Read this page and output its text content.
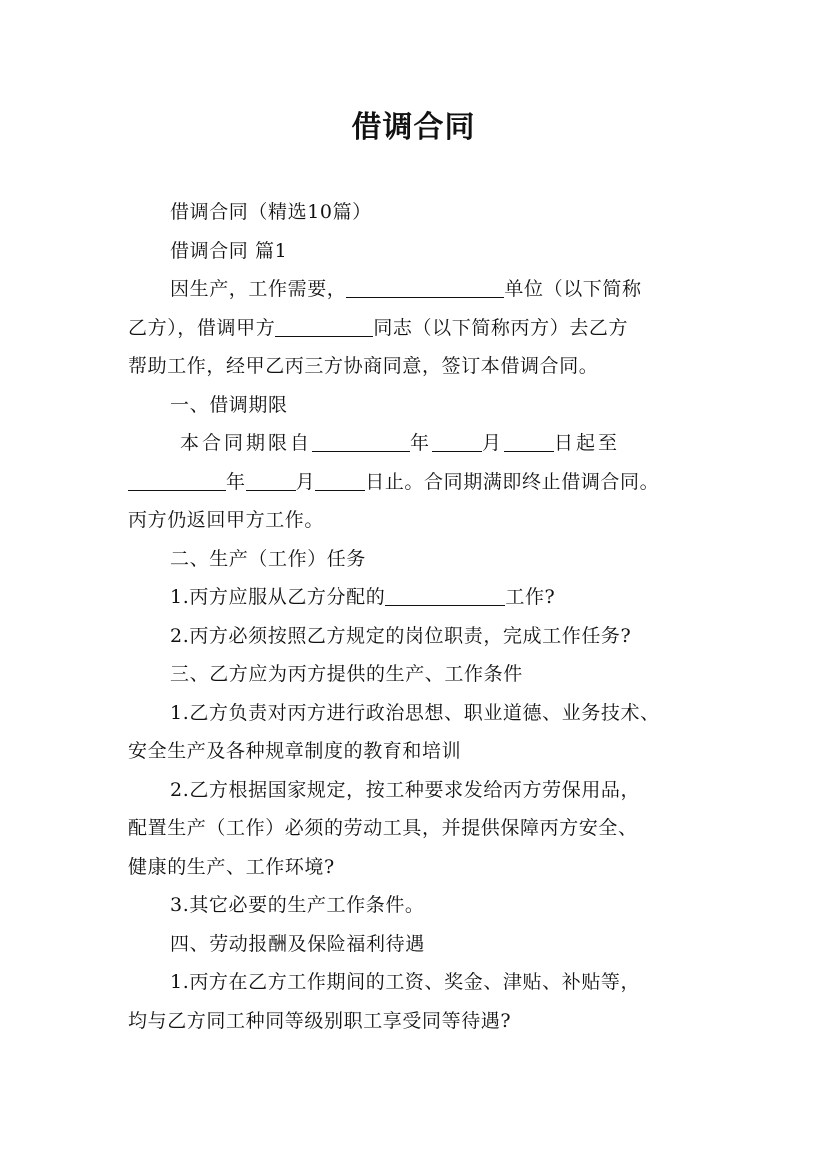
借调合同

借调合同（精选10篇）

借调合同 篇1

因生产，工作需要，	单位（以下简称
乙方），借调甲方	同志（以下简称丙方）去乙方
帮助工作，经甲乙丙三方协商同意，签订本借调合同。

一、借调期限

本合同期限自	年	月	日起至
年	月	日止。合同期满即终止借调合同。
丙方仍返回甲方工作。

二、生产（工作）任务

1.丙方应服从乙方分配的	工作?

2.丙方必须按照乙方规定的岗位职责，完成工作任务?

三、乙方应为丙方提供的生产、工作条件

1.乙方负责对丙方进行政治思想、职业道德、业务技术、
安全生产及各种规章制度的教育和培训

2.乙方根据国家规定，按工种要求发给丙方劳保用品，
配置生产（工作）必须的劳动工具，并提供保障丙方安全、
健康的生产、工作环境?

3.其它必要的生产工作条件。

四、劳动报酬及保险福利待遇

1.丙方在乙方工作期间的工资、奖金、津贴、补贴等，
均与乙方同工种同等级别职工享受同等待遇?
